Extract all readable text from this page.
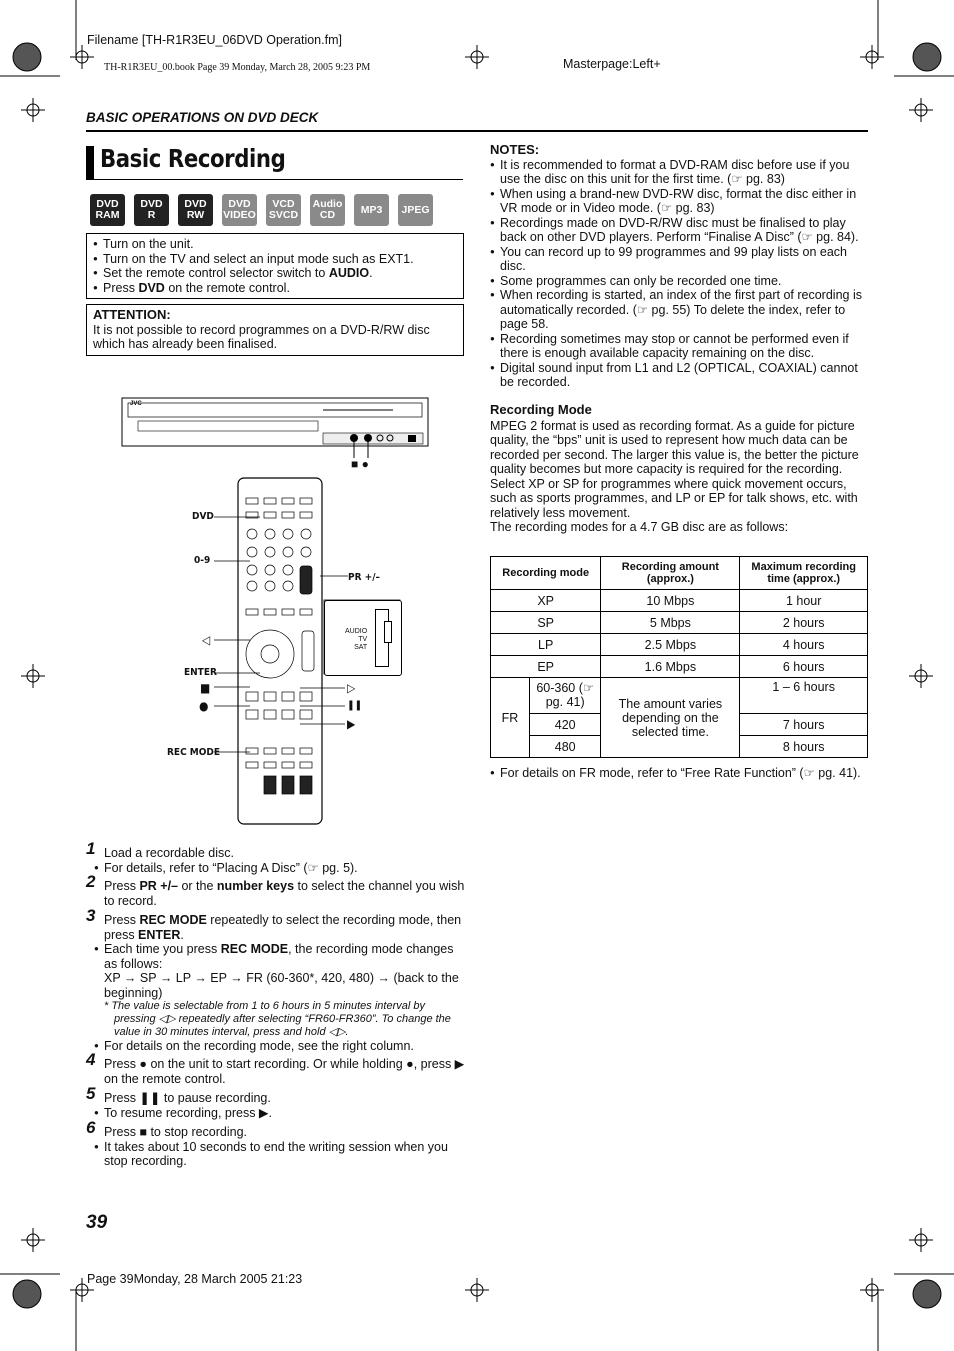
Filename [TH-R1R3EU_06DVD Operation.fm]
TH-R1R3EU_00.book Page 39 Monday, March 28, 2005 9:23 PM	Masterpage:Left+
BASIC OPERATIONS ON DVD DECK
Basic Recording
DVD
RAM
DVD
R
DVD
RW
DVD
VIDEO
VCD
SVCD
Audio
CD	MP3 JPEG
● Turn on the unit.
● Turn on the TV and select an input mode such as EXT1.
● Set the remote control selector switch to AUDIO.
● Press DVD on the remote control.
ATTENTION:
It is not possible to record programmes on a DVD-R/RW disc which has already been finalised.
JVC
■ ●
DVD
0-9
PR +/–
◁
ENTER
■
●
▷
❚❚
▶
REC MODE
AUDIO
TV
SAT
1 Load a recordable disc.
● For details, refer to “Placing A Disc” (☞ pg. 5).
2 Press PR +/– or the number keys to select the channel you wish to record.
3 Press REC MODE repeatedly to select the recording mode, then press ENTER.
● Each time you press REC MODE, the recording mode changes as follows:
XP → SP → LP → EP → FR (60-360*, 420, 480) → (back to the beginning)
* The value is selectable from 1 to 6 hours in 5 minutes interval by pressing ◁▷ repeatedly after selecting “FR60-FR360”. To change the value in 30 minutes interval, press and hold ◁▷.
● For details on the recording mode, see the right column.
4 Press ● on the unit to start recording. Or while holding ●, press ▶ on the remote control.
5 Press ❚❚ to pause recording.
● To resume recording, press ▶.
6 Press ■ to stop recording.
● It takes about 10 seconds to end the writing session when you stop recording.
NOTES:
● It is recommended to format a DVD-RAM disc before use if you use the disc on this unit for the first time. (☞ pg. 83)
● When using a brand-new DVD-RW disc, format the disc either in VR mode or in Video mode. (☞ pg. 83)
● Recordings made on DVD-R/RW disc must be finalised to play back on other DVD players. Perform “Finalise A Disc” (☞ pg. 84).
● You can record up to 99 programmes and 99 play lists on each disc.
● Some programmes can only be recorded one time.
● When recording is started, an index of the first part of recording is automatically recorded. (☞ pg. 55) To delete the index, refer to page 58.
● Recording sometimes may stop or cannot be performed even if there is enough available capacity remaining on the disc.
● Digital sound input from L1 and L2 (OPTICAL, COAXIAL) cannot be recorded.
Recording Mode
MPEG 2 format is used as recording format. As a guide for picture quality, the “bps” unit is used to represent how much data can be recorded per second. The larger this value is, the better the picture quality becomes but more capacity is required for the recording. Select XP or SP for programmes where quick movement occurs, such as sports programmes, and LP or EP for talk shows, etc. with relatively less movement.
The recording modes for a 4.7 GB disc are as follows:
Recording mode		Recording amount (approx.)	Maximum recording time (approx.)
XP		10 Mbps	1 hour
SP		5 Mbps	2 hours
LP		2.5 Mbps	4 hours
EP		1.6 Mbps	6 hours
FR	60-360 (☞ pg. 41)	The amount varies depending on the selected time.	1 – 6 hours
	420		7 hours
	480		8 hours
● For details on FR mode, refer to “Free Rate Function” (☞ pg. 41).
39
Page 39Monday, 28 March 2005 21:23
